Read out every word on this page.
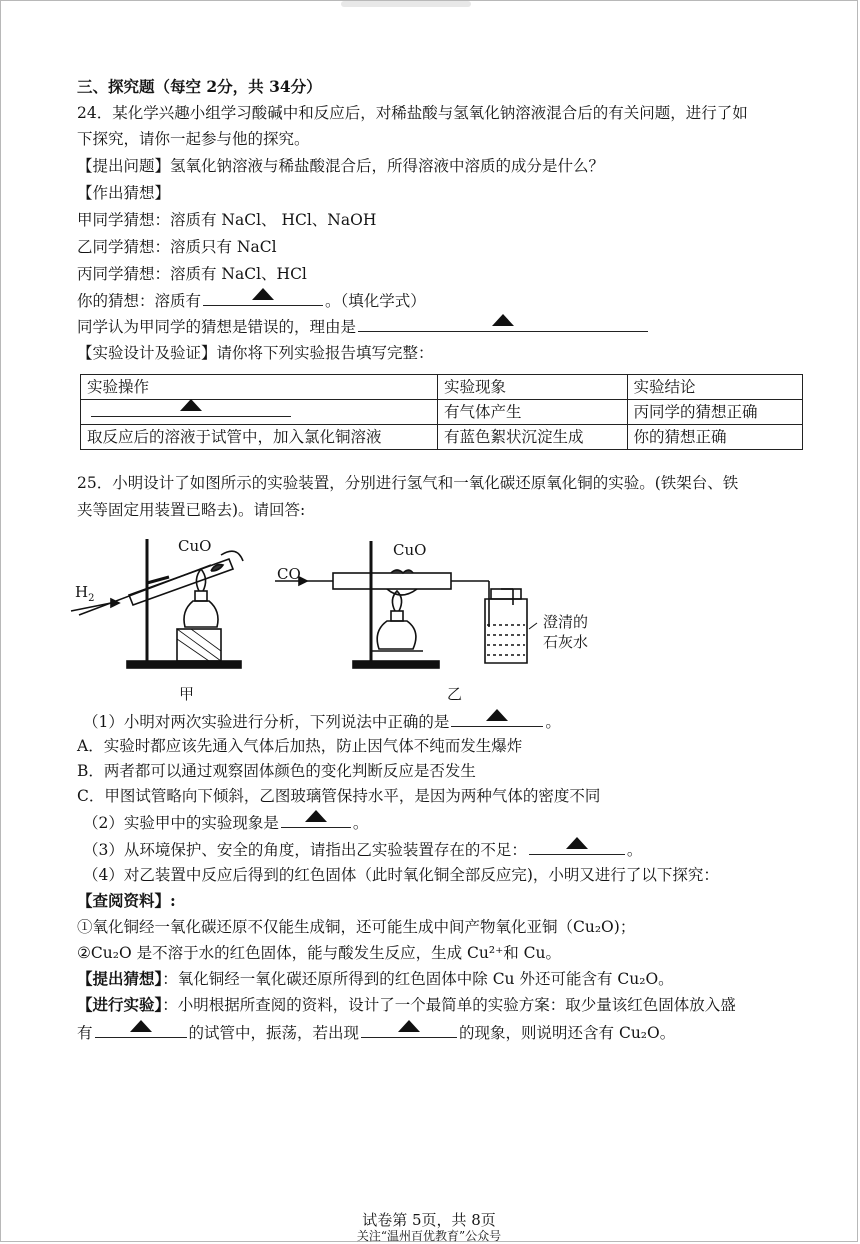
三、探究题（每空 2分，共 34分）
24．某化学兴趣小组学习酸碱中和反应后，对稀盐酸与氢氧化钠溶液混合后的有关问题，进行了如
下探究，请你一起参与他的探究。
【提出问题】氢氧化钠溶液与稀盐酸混合后，所得溶液中溶质的成分是什么？
【作出猜想】
甲同学猜想：溶质有 NaCl、 HCl、NaOH
乙同学猜想：溶质只有 NaCl
丙同学猜想：溶质有 NaCl、HCl
你的猜想：溶质有	。（填化学式）
同学认为甲同学的猜想是错误的，理由是
【实验设计及验证】请你将下列实验报告填写完整：
实验操作	实验现象	实验结论

	有气体产生	丙同学的猜想正确
取反应后的溶液于试管中，加入氯化铜溶液	有蓝色絮状沉淀生成	你的猜想正确
25．小明设计了如图所示的实验装置，分别进行氢气和一氧化碳还原氧化铜的实验。(铁架台、铁
夹等固定用装置已略去)。请回答:
CuO
$H_2$
CO
CuO
澄清的
石灰水
甲	乙
（1）小明对两次实验进行分析，下列说法中正确的是	。
A．实验时都应该先通入气体后加热，防止因气体不纯而发生爆炸
B．两者都可以通过观察固体颜色的变化判断反应是否发生
C．甲图试管略向下倾斜，乙图玻璃管保持水平，是因为两种气体的密度不同
（2）实验甲中的实验现象是	。
（3）从环境保护、安全的角度，请指出乙实验装置存在的不足：	。
（4）对乙装置中反应后得到的红色固体（此时氧化铜全部反应完)，小明又进行了以下探究：
【查阅资料】:
①氧化铜经一氧化碳还原不仅能生成铜，还可能生成中间产物氧化亚铜（Cu₂O)；
②Cu₂O 是不溶于水的红色固体，能与酸发生反应，生成 Cu²⁺和 Cu。
【提出猜想】：氧化铜经一氧化碳还原所得到的红色固体中除 Cu 外还可能含有 Cu₂O。
【进行实验】：小明根据所查阅的资料，设计了一个最简单的实验方案：取少量该红色固体放入盛
有	的试管中，振荡，若出现	的现象，则说明还含有 Cu₂O。
试卷第 5页，共 8页
关注“温州百优教育”公众号
